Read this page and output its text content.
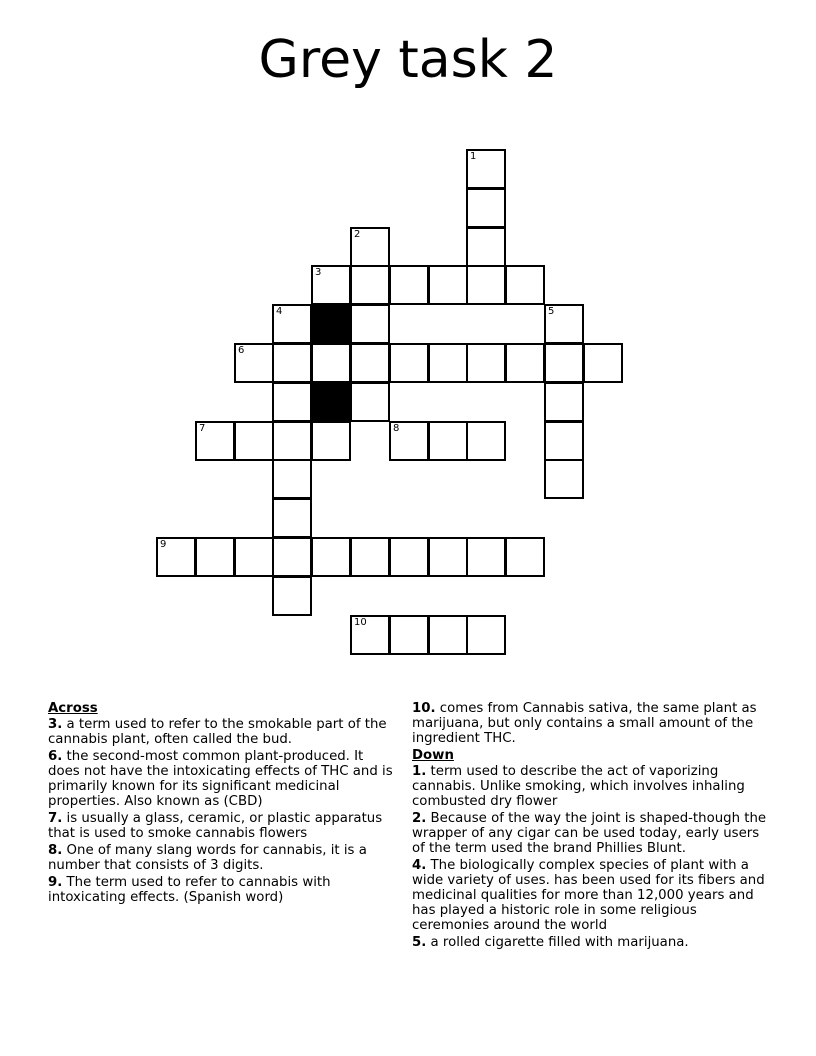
Grey task 2
1
2
3
4	5
6
7	8
9
10
Across
3. a term used to refer to the smokable part of the cannabis plant, often called the bud.
6. the second-most common plant-produced. It does not have the intoxicating effects of THC and is primarily known for its significant medicinal properties. Also known as (CBD)
7. is usually a glass, ceramic, or plastic apparatus that is used to smoke cannabis flowers
8. One of many slang words for cannabis, it is a number that consists of 3 digits.
9. The term used to refer to cannabis with intoxicating effects. (Spanish word)
10. comes from Cannabis sativa, the same plant as marijuana, but only contains a small amount of the ingredient THC.
Down
1. term used to describe the act of vaporizing cannabis. Unlike smoking, which involves inhaling combusted dry flower
2. Because of the way the joint is shaped-though the wrapper of any cigar can be used today, early users of the term used the brand Phillies Blunt.
4. The biologically complex species of plant with a wide variety of uses. has been used for its fibers and medicinal qualities for more than 12,000 years and has played a historic role in some religious ceremonies around the world
5. a rolled cigarette filled with marijuana.
